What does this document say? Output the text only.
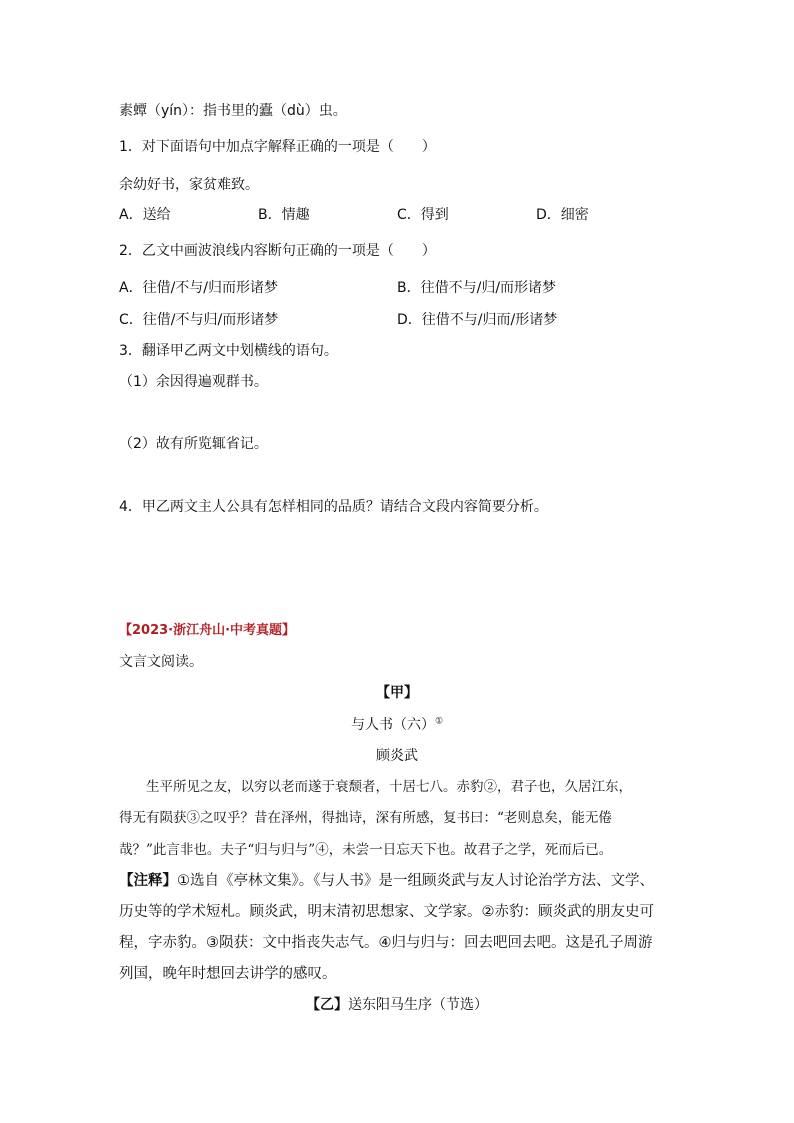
素蟫（yín）：指书里的蠹（dù）虫。
1．对下面语句中加点字解释正确的一项是（　　）
余幼好书，家贫难致。
A．送给	B．情趣	C．得到	D．细密
2．乙文中画波浪线内容断句正确的一项是（　　）
A．往借/不与/归而形诸梦	B．往借不与/归/而形诸梦
C．往借/不与归/而形诸梦	D．往借不与/归而/形诸梦
3．翻译甲乙两文中划横线的语句。
（1）余因得遍观群书。
（2）故有所览辄省记。
4．甲乙两文主人公具有怎样相同的品质？请结合文段内容简要分析。
【2023·浙江舟山·中考真题】
文言文阅读。
【甲】
与人书（六）①
顾炎武
　　生平所见之友，以穷以老而遂于衰颓者，十居七八。赤豹②，君子也，久居江东，
得无有陨获③之叹乎？昔在泽州，得拙诗，深有所感，复书曰：“老则息矣，能无倦
哉？”此言非也。夫子“归与归与”④，未尝一日忘天下也。故君子之学，死而后已。
【注释】①选自《亭林文集》。《与人书》是一组顾炎武与友人讨论治学方法、文学、
历史等的学术短札。顾炎武，明末清初思想家、文学家。②赤豹：顾炎武的朋友史可
程，字赤豹。③陨获：文中指丧失志气。④归与归与：回去吧回去吧。这是孔子周游
列国，晚年时想回去讲学的感叹。
【乙】送东阳马生序（节选）
